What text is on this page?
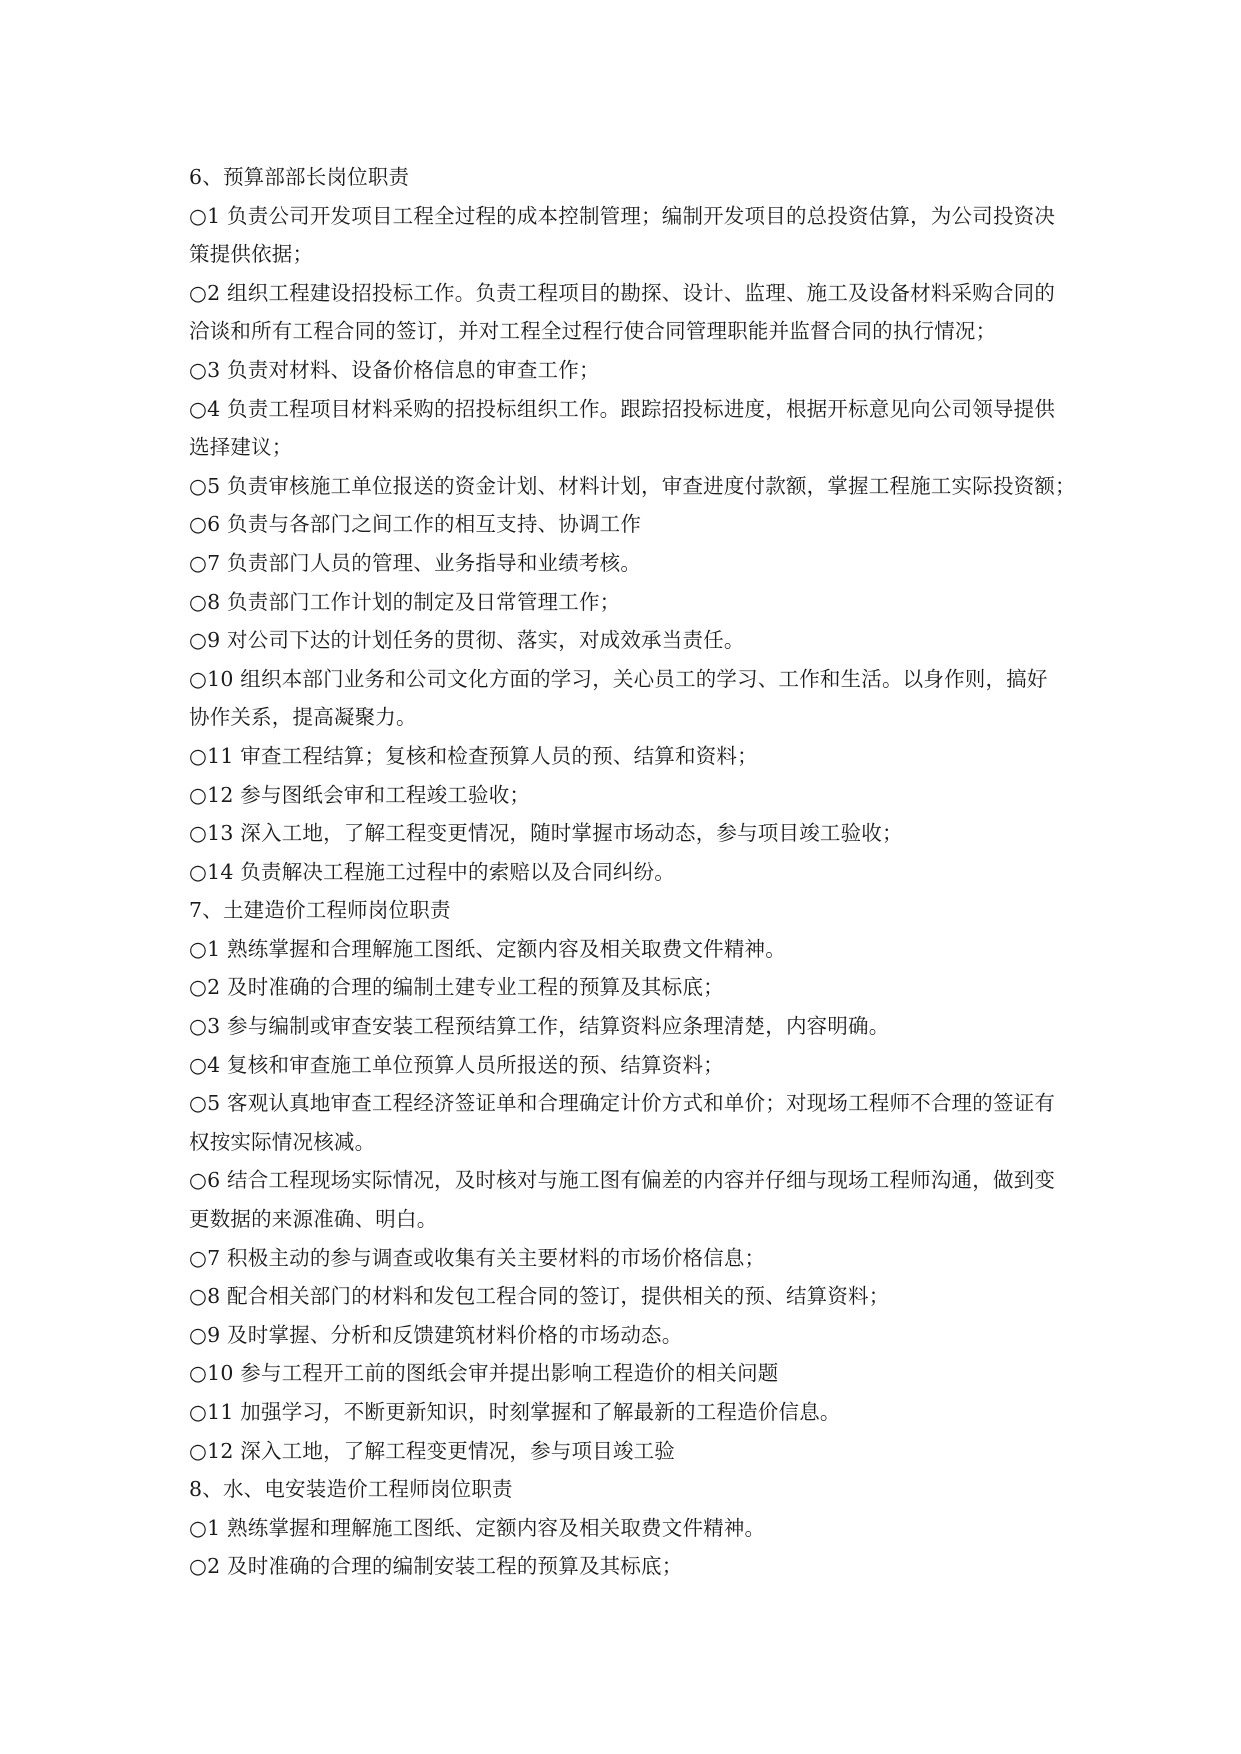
6、预算部部长岗位职责
○1 负责公司开发项目工程全过程的成本控制管理；编制开发项目的总投资估算，为公司投资决
策提供依据；
○2 组织工程建设招投标工作。负责工程项目的勘探、设计、监理、施工及设备材料采购合同的
洽谈和所有工程合同的签订，并对工程全过程行使合同管理职能并监督合同的执行情况；
○3 负责对材料、设备价格信息的审查工作；
○4 负责工程项目材料采购的招投标组织工作。跟踪招投标进度，根据开标意见向公司领导提供
选择建议；
○5 负责审核施工单位报送的资金计划、材料计划，审查进度付款额，掌握工程施工实际投资额；
○6 负责与各部门之间工作的相互支持、协调工作
○7 负责部门人员的管理、业务指导和业绩考核。
○8 负责部门工作计划的制定及日常管理工作；
○9 对公司下达的计划任务的贯彻、落实，对成效承当责任。
○10 组织本部门业务和公司文化方面的学习，关心员工的学习、工作和生活。以身作则，搞好
协作关系，提高凝聚力。
○11 审查工程结算；复核和检查预算人员的预、结算和资料；
○12 参与图纸会审和工程竣工验收；
○13 深入工地，了解工程变更情况，随时掌握市场动态，参与项目竣工验收；
○14 负责解决工程施工过程中的索赔以及合同纠纷。
7、土建造价工程师岗位职责
○1 熟练掌握和合理解施工图纸、定额内容及相关取费文件精神。
○2 及时准确的合理的编制土建专业工程的预算及其标底；
○3 参与编制或审查安装工程预结算工作，结算资料应条理清楚，内容明确。
○4 复核和审查施工单位预算人员所报送的预、结算资料；
○5 客观认真地审查工程经济签证单和合理确定计价方式和单价；对现场工程师不合理的签证有
权按实际情况核减。
○6 结合工程现场实际情况，及时核对与施工图有偏差的内容并仔细与现场工程师沟通，做到变
更数据的来源准确、明白。
○7 积极主动的参与调查或收集有关主要材料的市场价格信息；
○8 配合相关部门的材料和发包工程合同的签订，提供相关的预、结算资料；
○9 及时掌握、分析和反馈建筑材料价格的市场动态。
○10 参与工程开工前的图纸会审并提出影响工程造价的相关问题
○11 加强学习，不断更新知识，时刻掌握和了解最新的工程造价信息。
○12 深入工地，了解工程变更情况，参与项目竣工验
8、水、电安装造价工程师岗位职责
○1 熟练掌握和理解施工图纸、定额内容及相关取费文件精神。
○2 及时准确的合理的编制安装工程的预算及其标底；
